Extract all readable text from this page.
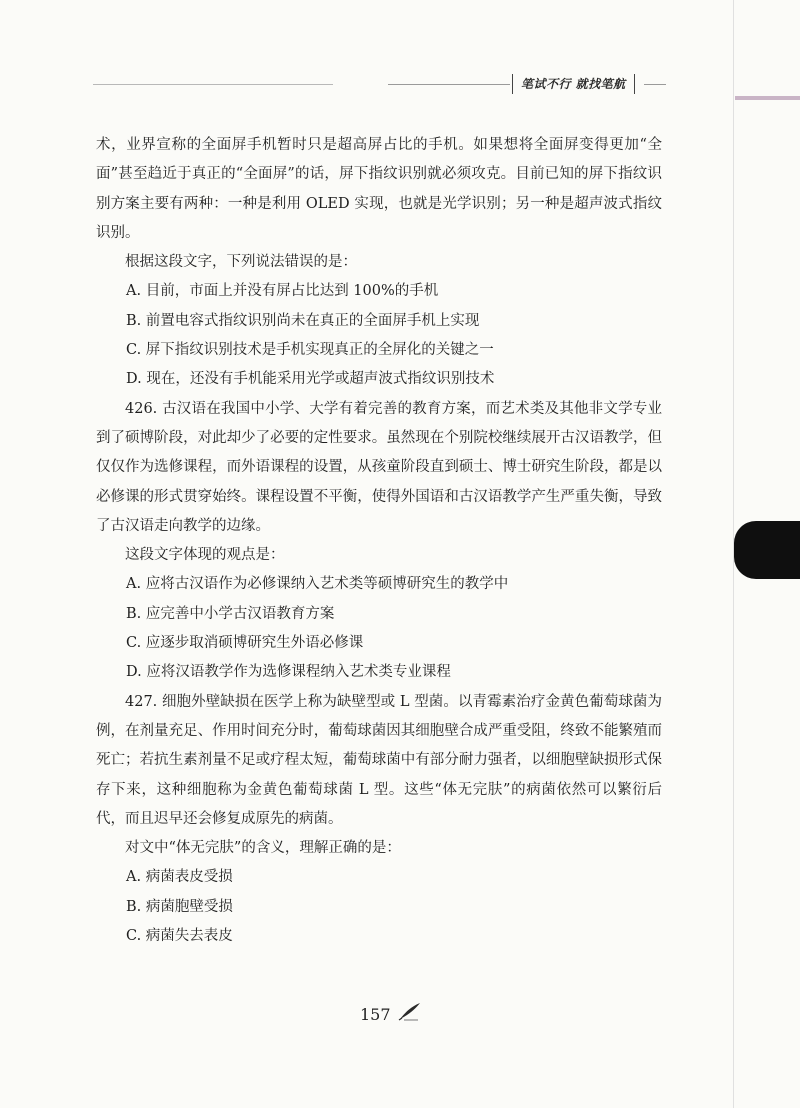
笔试不行 就找笔航

术，业界宣称的全面屏手机暂时只是超高屏占比的手机。如果想将全面屏变得更加“全面”甚至趋近于真正的“全面屏”的话，屏下指纹识别就必须攻克。目前已知的屏下指纹识别方案主要有两种：一种是利用 OLED 实现，也就是光学识别；另一种是超声波式指纹识别。

根据这段文字，下列说法错误的是：

A. 目前，市面上并没有屏占比达到 100%的手机

B. 前置电容式指纹识别尚未在真正的全面屏手机上实现

C. 屏下指纹识别技术是手机实现真正的全屏化的关键之一

D. 现在，还没有手机能采用光学或超声波式指纹识别技术

426. 古汉语在我国中小学、大学有着完善的教育方案，而艺术类及其他非文学专业到了硕博阶段，对此却少了必要的定性要求。虽然现在个别院校继续展开古汉语教学，但仅仅作为选修课程，而外语课程的设置，从孩童阶段直到硕士、博士研究生阶段，都是以必修课的形式贯穿始终。课程设置不平衡，使得外国语和古汉语教学产生严重失衡，导致了古汉语走向教学的边缘。

这段文字体现的观点是：

A. 应将古汉语作为必修课纳入艺术类等硕博研究生的教学中

B. 应完善中小学古汉语教育方案

C. 应逐步取消硕博研究生外语必修课

D. 应将汉语教学作为选修课程纳入艺术类专业课程

427. 细胞外壁缺损在医学上称为缺壁型或 L 型菌。以青霉素治疗金黄色葡萄球菌为例，在剂量充足、作用时间充分时，葡萄球菌因其细胞壁合成严重受阻，终致不能繁殖而死亡；若抗生素剂量不足或疗程太短，葡萄球菌中有部分耐力强者，以细胞壁缺损形式保存下来，这种细胞称为金黄色葡萄球菌 L 型。这些“体无完肤”的病菌依然可以繁衍后代，而且迟早还会修复成原先的病菌。

对文中“体无完肤”的含义，理解正确的是：

A. 病菌表皮受损

B. 病菌胞壁受损

C. 病菌失去表皮

157
